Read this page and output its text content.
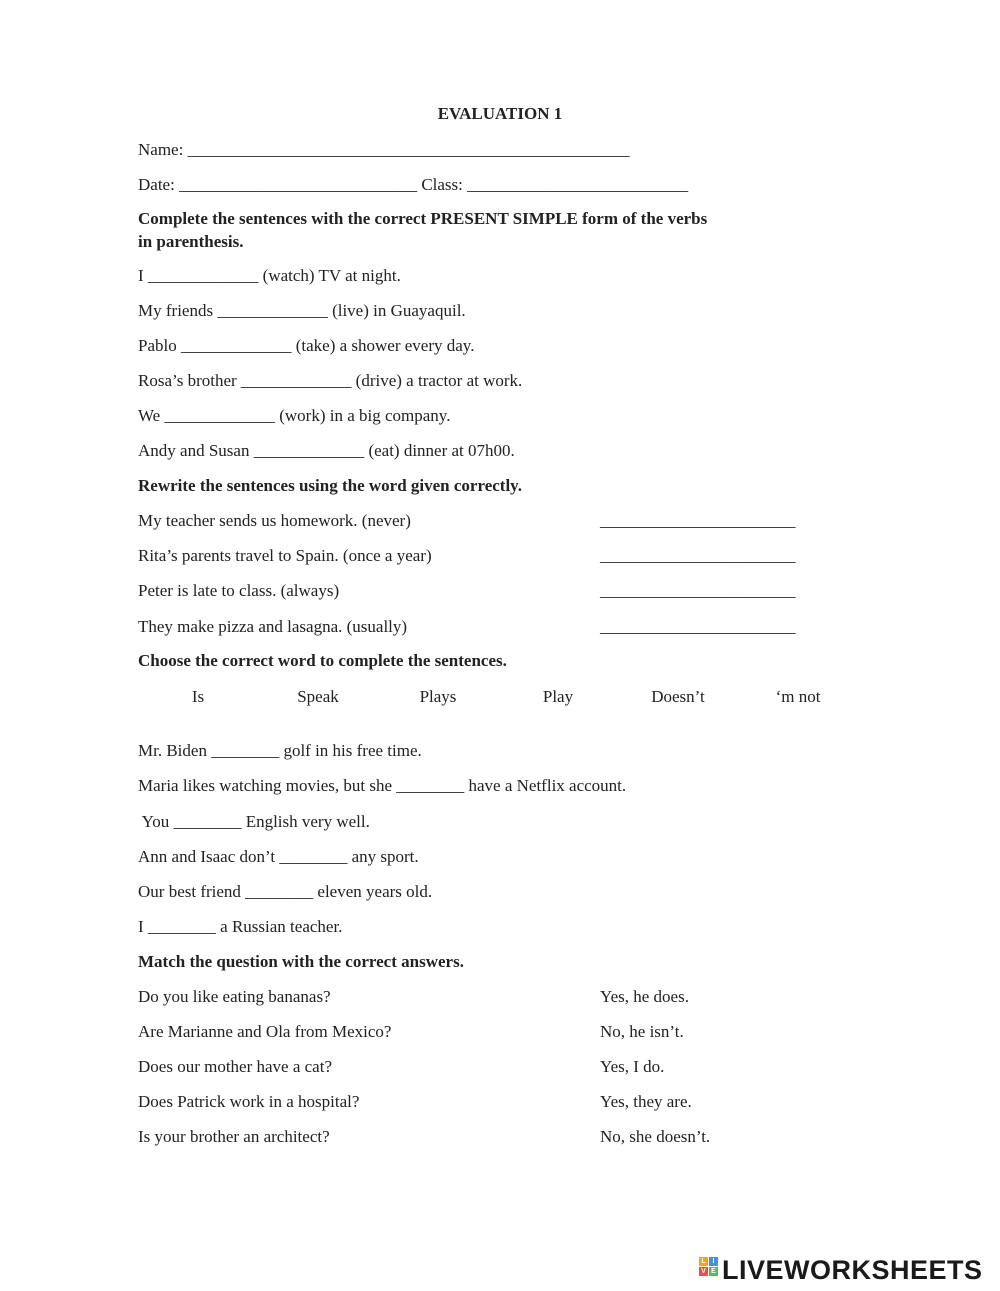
EVALUATION 1
Name: ____________________________________________________
Date: ____________________________ Class: __________________________
Complete the sentences with the correct PRESENT SIMPLE form of the verbs
in parenthesis.
I _____________ (watch) TV at night.
My friends _____________ (live) in Guayaquil.
Pablo _____________ (take) a shower every day.
Rosa’s brother _____________ (drive) a tractor at work.
We _____________ (work) in a big company.
Andy and Susan _____________ (eat) dinner at 07h00.
Rewrite the sentences using the word given correctly.
My teacher sends us homework. (never)	_______________________
Rita’s parents travel to Spain. (once a year)	_______________________
Peter is late to class. (always)	_______________________
They make pizza and lasagna. (usually)	_______________________
Choose the correct word to complete the sentences.
Is	Speak	Plays	Play	Doesn’t	‘m not
Mr. Biden ________ golf in his free time.
Maria likes watching movies, but she ________ have a Netflix account.
You ________ English very well.
Ann and Isaac don’t ________ any sport.
Our best friend ________ eleven years old.
I ________ a Russian teacher.
Match the question with the correct answers.
Do you like eating bananas?	Yes, he does.
Are Marianne and Ola from Mexico?	No, he isn’t.
Does our mother have a cat?	Yes, I do.
Does Patrick work in a hospital?	Yes, they are.
Is your brother an architect?	No, she doesn’t.
L I
V E LIVEWORKSHEETS
